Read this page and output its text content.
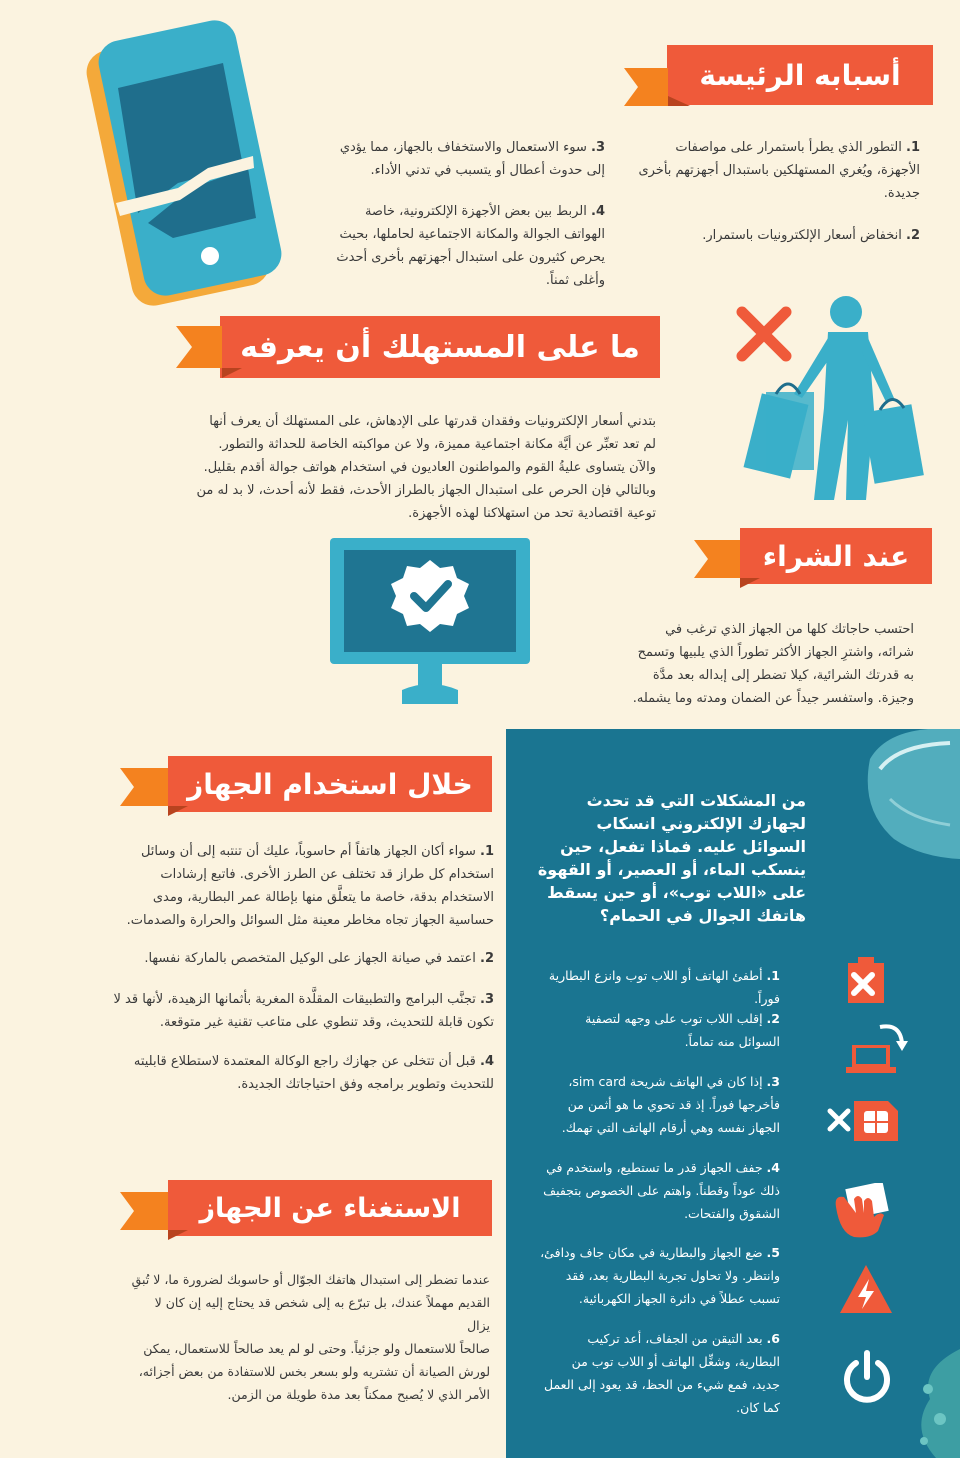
أسبابه الرئيسة
1. التطور الذي يطرأ باستمرار على مواصفات الأجهزة، ويُغري المستهلكين باستبدال أجهزتهم بأخرى جديدة.
2. انخفاض أسعار الإلكترونيات باستمرار.
3. سوء الاستعمال والاستخفاف بالجهاز، مما يؤدي إلى حدوث أعطال أو يتسبب في تدني الأداء.
4. الربط بين بعض الأجهزة الإلكترونية، خاصة الهواتف الجوالة والمكانة الاجتماعية لحاملها، بحيث يحرص كثيرون على استبدال أجهزتهم بأخرى أحدث وأغلى ثمناً.
ما على المستهلك أن يعرفه

بتدني أسعار الإلكترونيات وفقدان قدرتها على الإدهاش، على المستهلك أن يعرف أنها

لم تعد تعبِّر عن أيَّة مكانة اجتماعية مميزة، ولا عن مواكبته الخاصة للحداثة والتطور.

والآن يتساوى عليةُ القوم والمواطنون العاديون في استخدام هواتف جوالة أقدم بقليل.

وبالتالي فإن الحرص على استبدال الجهاز بالطراز الأحدث، فقط لأنه أحدث، لا بد له من

توعية اقتصادية تحد من استهلاكنا لهذه الأجهزة.

عند الشراء

احتسب حاجاتك كلها من الجهاز الذي ترغب في

شرائه، واشترِ الجهاز الأكثر تطوراً الذي يلبيها وتسمح

به قدرتك الشرائية، كيلا تضطر إلى إبداله بعد مدَّة

وجيزة. واستفسر جيداً عن الضمان ومدته وما يشمله.

خلال استخدام الجهاز
1. سواء أكان الجهاز هاتفاً أم حاسوباً، عليك أن تنتبه إلى أن وسائل استخدام كل طراز قد تختلف عن الطرز الأخرى. فاتبع إرشادات الاستخدام بدقة، خاصة ما يتعلَّق منها بإطالة عمر البطارية، ومدى حساسية الجهاز تجاه مخاطر معينة مثل السوائل والحرارة والصدمات.
2. اعتمد في صيانة الجهاز على الوكيل المتخصص بالماركة نفسها.
3. تجنَّب البرامج والتطبيقات المقلَّدة المغرية بأثمانها الزهيدة، لأنها قد لا تكون قابلة للتحديث، وقد تنطوي على متاعب تقنية غير متوقعة.
4. قبل أن تتخلى عن جهازك راجع الوكالة المعتمدة لاستطلاع قابليته للتحديث وتطوير برامجه وفق احتياجاتك الجديدة.
الاستغناء عن الجهاز

عندما تضطر إلى استبدال هاتفك الجوّال أو حاسوبك لضرورة ما، لا تُبقِ

القديم مهملاً عندك، بل تبرّع به إلى شخص قد يحتاج إليه إن كان لا يزال

صالحاً للاستعمال ولو جزئياً. وحتى لو لم يعد صالحاً للاستعمال، يمكن

لورش الصيانة أن تشتريه ولو بسعر بخس للاستفادة من بعض أجزائه،

الأمر الذي لا يُصبح ممكناً بعد مدة طويلة من الزمن.

من المشكلات التي قد تحدث لجهازك الإلكتروني انسكاب السوائل عليه. فماذا تفعل، حين ينسكب الماء، أو العصير، أو القهوة على «اللاب توب»، أو حين يسقط هاتفك الجوال في الحمام؟
1. أطفئ الهاتف أو اللاب توب وانزع البطارية فوراً.
2. إقلب اللاب توب على وجهه لتصفية السوائل منه تماماً.
3. إذا كان في الهاتف شريحة sim card، فأخرجها فوراً. إذ قد تحوي ما هو أثمن من الجهاز نفسه وهي أرقام الهاتف التي تهمك.
4. جفف الجهاز قدر ما تستطيع، واستخدم في ذلك عوداً وقطناً. واهتم على الخصوص بتجفيف الشقوق والفتحات.
5. ضع الجهاز والبطارية في مكان جاف ودافئ، وانتظر. ولا تحاول تجربة البطارية بعد، فقد تسبب عطلاً في دائرة الجهاز الكهربائية.
6. بعد التيقن من الجفاف، أعد تركيب البطارية، وشغِّل الهاتف أو اللاب توب من جديد، فمع شيء من الحظ، قد يعود إلى العمل كما كان.
